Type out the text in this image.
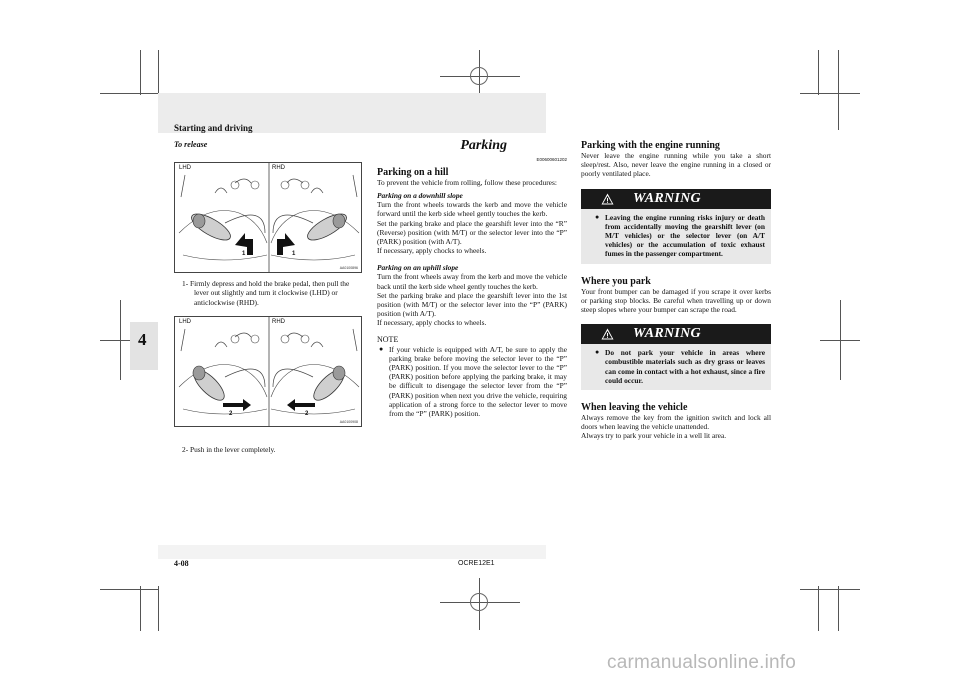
Starting and driving
4
To release
LHD	RHD
1	1
AA0100896
1- Firmly depress and hold the brake pedal, then pull the lever out slightly and turn it clockwise (LHD) or anticlockwise (RHD).
LHD	RHD
2	2
AA0100908
2- Push in the lever completely.
Parking
E00600601202
Parking on a hill

To prevent the vehicle from rolling, follow these procedures:

Parking on a downhill slope

Turn the front wheels towards the kerb and move the vehicle forward until the kerb side wheel gently touches the kerb.

Set the parking brake and place the gearshift lever into the “R” (Reverse) position (with M/T) or the selector lever into the “P” (PARK) position (with A/T).

If necessary, apply chocks to wheels.

Parking on an uphill slope

Turn the front wheels away from the kerb and move the vehicle back until the kerb side wheel gently touches the kerb.

Set the parking brake and place the gearshift lever into the 1st position (with M/T) or the selector lever into the “P” (PARK) position (with A/T).

If necessary, apply chocks to wheels.

NOTE
● If your vehicle is equipped with A/T, be sure to apply the parking brake before moving the selector lever to the “P” (PARK) position. If you move the selector lever to the “P” (PARK) position before applying the parking brake, it may be difficult to disengage the selector lever from the “P” (PARK) position when next you drive the vehicle, requiring application of a strong force to the selector lever to move from the “P” (PARK) position.
Parking with the engine running

Never leave the engine running while you take a short sleep/rest. Also, never leave the engine running in a closed or poorly ventilated place.

WARNING
● Leaving the engine running risks injury or death from accidentally moving the gearshift lever (on M/T vehicles) or the selector lever (on A/T vehicles) or the accumulation of toxic exhaust fumes in the passenger compartment.
Where you park

Your front bumper can be damaged if you scrape it over kerbs or parking stop blocks. Be careful when travelling up or down steep slopes where your bumper can scrape the road.

WARNING
● Do not park your vehicle in areas where combustible materials such as dry grass or leaves can come in contact with a hot exhaust, since a fire could occur.
When leaving the vehicle

Always remove the key from the ignition switch and lock all doors when leaving the vehicle unattended.

Always try to park your vehicle in a well lit area.

4-08	OCRE12E1
carmanualsonline.info
